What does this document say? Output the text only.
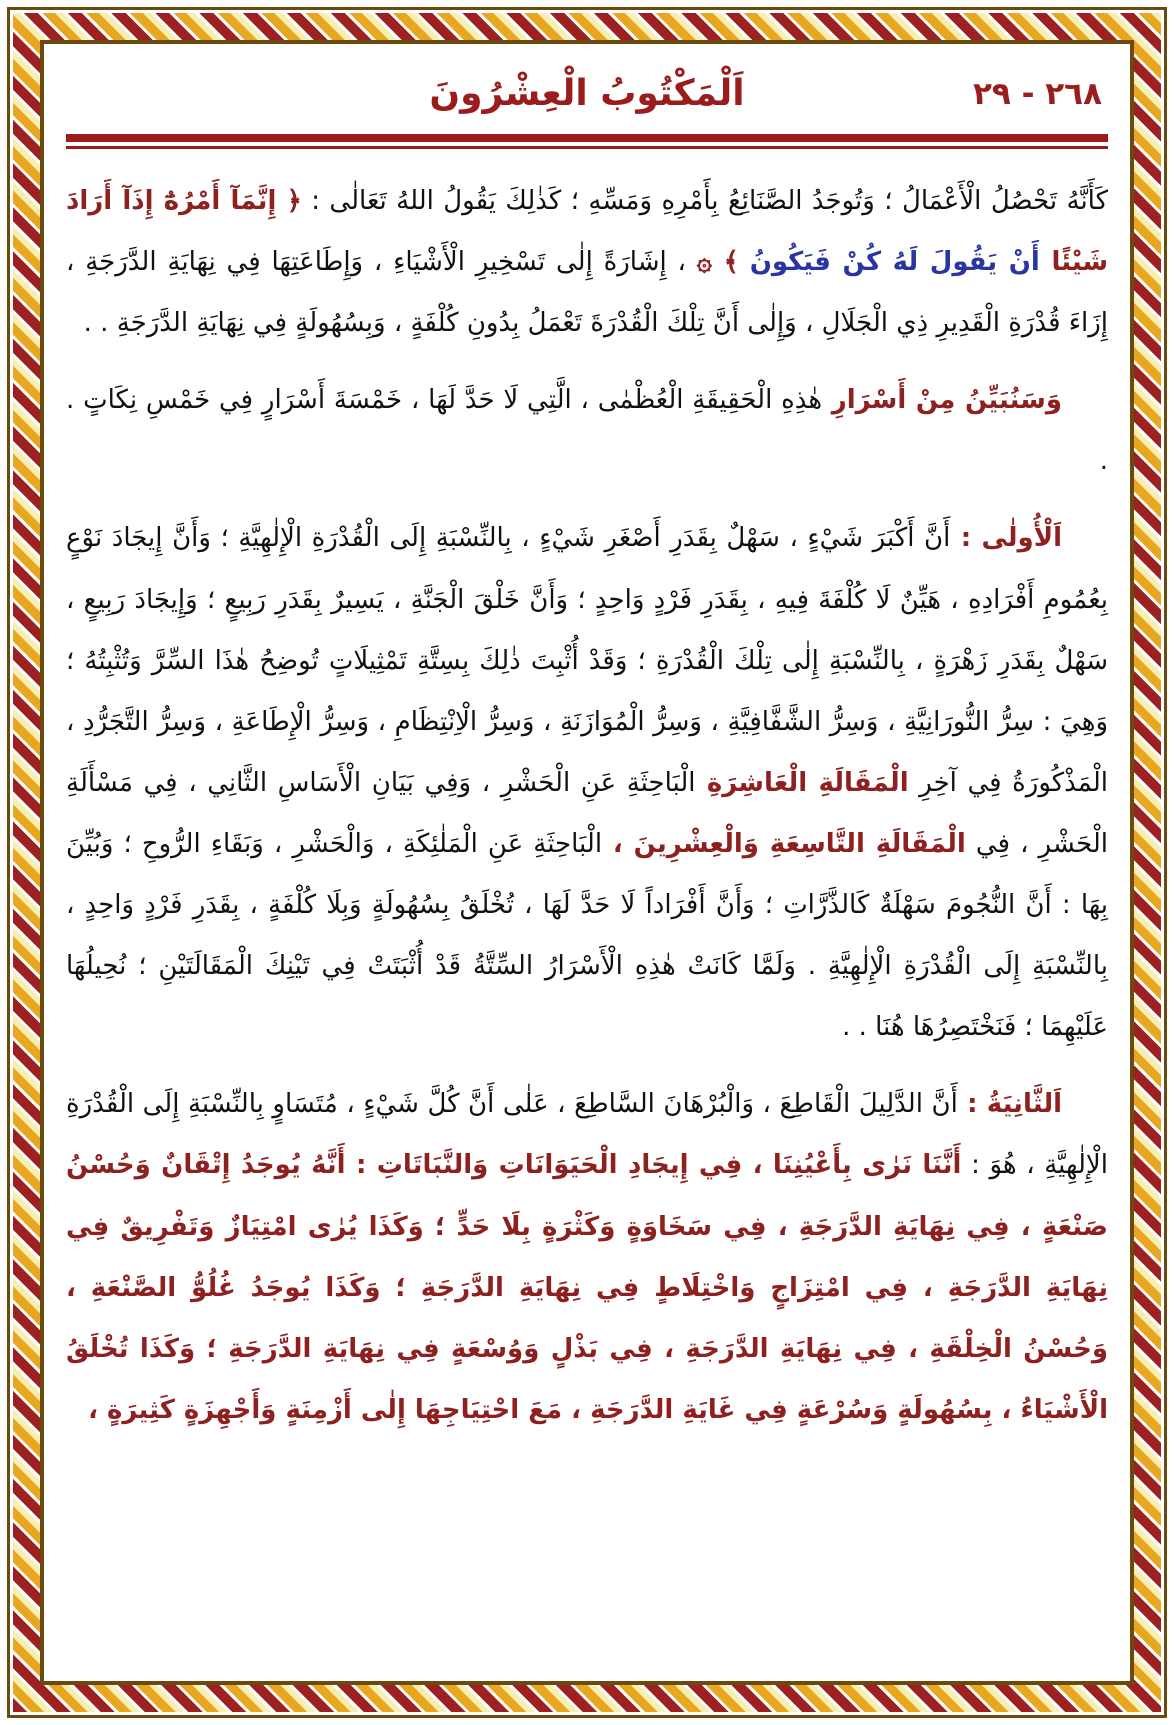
اَلْمَكْتُوبُ الْعِشْرُونَ	٢٦٨ - ٢٩

كَأَنَّهُ تَحْصُلُ الْأَعْمَالُ ؛ وَتُوجَدُ الصَّنَائِعُ بِأَمْرِهِ وَمَسِّهِ ؛ كَذٰلِكَ يَقُولُ اللهُ تَعَالٰى : ﴿ إِنَّمَآ أَمْرُهُٓ إِذَآ أَرَادَ شَيْئًا أَنْ يَقُولَ لَهُ كُنْ فَيَكُونُ ﴾ ۞ ، إِشَارَةً إِلٰى تَسْخِيرِ الْأَشْيَاءِ ، وَإِطَاعَتِهَا فِي نِهَايَةِ الدَّرَجَةِ ، إِزَاءَ قُدْرَةِ الْقَدِيرِ ذِي الْجَلَالِ ، وَإِلٰى أَنَّ تِلْكَ الْقُدْرَةَ تَعْمَلُ بِدُونِ كُلْفَةٍ ، وَبِسُهُولَةٍ فِي نِهَايَةِ الدَّرَجَةِ . .

وَسَنُبَيِّنُ مِنْ أَسْرَارِ هٰذِهِ الْحَقِيقَةِ الْعُظْمٰى ، الَّتِي لَا حَدَّ لَهَا ، خَمْسَةَ أَسْرَارٍ فِي خَمْسِ نِكَاتٍ . .

اَلْأُولٰى : أَنَّ أَكْبَرَ شَيْءٍ ، سَهْلٌ بِقَدَرِ أَصْغَرِ شَيْءٍ ، بِالنِّسْبَةِ إِلَى الْقُدْرَةِ الْإِلٰهِيَّةِ ؛ وَأَنَّ إِيجَادَ نَوْعٍ بِعُمُومِ أَفْرَادِهِ ، هَيِّنٌ لَا كُلْفَةَ فِيهِ ، بِقَدَرِ فَرْدٍ وَاحِدٍ ؛ وَأَنَّ خَلْقَ الْجَنَّةِ ، يَسِيرٌ بِقَدَرِ رَبِيعٍ ؛ وَإِيجَادَ رَبِيعٍ ، سَهْلٌ بِقَدَرِ زَهْرَةٍ ، بِالنِّسْبَةِ إِلٰى تِلْكَ الْقُدْرَةِ ؛ وَقَدْ أُثْبِتَ ذٰلِكَ بِسِتَّةِ تَمْثِيلَاتٍ تُوضِحُ هٰذَا السِّرَّ وَتُثْبِتُهُ ؛ وَهِيَ : سِرُّ النُّورَانِيَّةِ ، وَسِرُّ الشَّفَّافِيَّةِ ، وَسِرُّ الْمُوَازَنَةِ ، وَسِرُّ الْاِنْتِظَامِ ، وَسِرُّ الْإِطَاعَةِ ، وَسِرُّ التَّجَرُّدِ ، الْمَذْكُورَةُ فِي آخِرِ الْمَقَالَةِ الْعَاشِرَةِ الْبَاحِثَةِ عَنِ الْحَشْرِ ، وَفِي بَيَانِ الْأَسَاسِ الثَّانِي ، فِي مَسْأَلَةِ الْحَشْرِ ، فِي الْمَقَالَةِ التَّاسِعَةِ وَالْعِشْرِينَ ، الْبَاحِثَةِ عَنِ الْمَلٰئِكَةِ ، وَالْحَشْرِ ، وَبَقَاءِ الرُّوحِ ؛ وَبُيِّنَ بِهَا : أَنَّ النُّجُومَ سَهْلَةٌ كَالذَّرَّاتِ ؛ وَأَنَّ أَفْرَاداً لَا حَدَّ لَهَا ، تُخْلَقُ بِسُهُولَةٍ وَبِلَا كُلْفَةٍ ، بِقَدَرِ فَرْدٍ وَاحِدٍ ، بِالنِّسْبَةِ إِلَى الْقُدْرَةِ الْإِلٰهِيَّةِ . وَلَمَّا كَانَتْ هٰذِهِ الْأَسْرَارُ السِّتَّةُ قَدْ أُثْبَتَتْ فِي تَيْنِكَ الْمَقَالَتَيْنِ ؛ نُحِيلُهَا عَلَيْهِمَا ؛ فَنَخْتَصِرُهَا هُنَا . .

اَلثَّانِيَةُ : أَنَّ الدَّلِيلَ الْقَاطِعَ ، وَالْبُرْهَانَ السَّاطِعَ ، عَلٰى أَنَّ كُلَّ شَيْءٍ ، مُتَسَاوٍ بِالنِّسْبَةِ إِلَى الْقُدْرَةِ الْإِلٰهِيَّةِ ، هُوَ : أَنَّنَا نَرٰى بِأَعْيُنِنَا ، فِي إِيجَادِ الْحَيَوَانَاتِ وَالنَّبَاتَاتِ : أَنَّهُ يُوجَدُ إِتْقَانٌ وَحُسْنُ صَنْعَةٍ ، فِي نِهَايَةِ الدَّرَجَةِ ، فِي سَخَاوَةٍ وَكَثْرَةٍ بِلَا حَدٍّ ؛ وَكَذَا يُرٰى امْتِيَازٌ وَتَفْرِيقٌ فِي نِهَايَةِ الدَّرَجَةِ ، فِي امْتِزَاجٍ وَاخْتِلَاطٍ فِي نِهَايَةِ الدَّرَجَةِ ؛ وَكَذَا يُوجَدُ غُلُوُّ الصَّنْعَةِ ، وَحُسْنُ الْخِلْقَةِ ، فِي نِهَايَةِ الدَّرَجَةِ ، فِي بَذْلٍ وَوُسْعَةٍ فِي نِهَايَةِ الدَّرَجَةِ ؛ وَكَذَا تُخْلَقُ الْأَشْيَاءُ ، بِسُهُولَةٍ وَسُرْعَةٍ فِي غَايَةِ الدَّرَجَةِ ، مَعَ احْتِيَاجِهَا إِلٰى أَزْمِنَةٍ وَأَجْهِزَةٍ كَثِيرَةٍ ،
